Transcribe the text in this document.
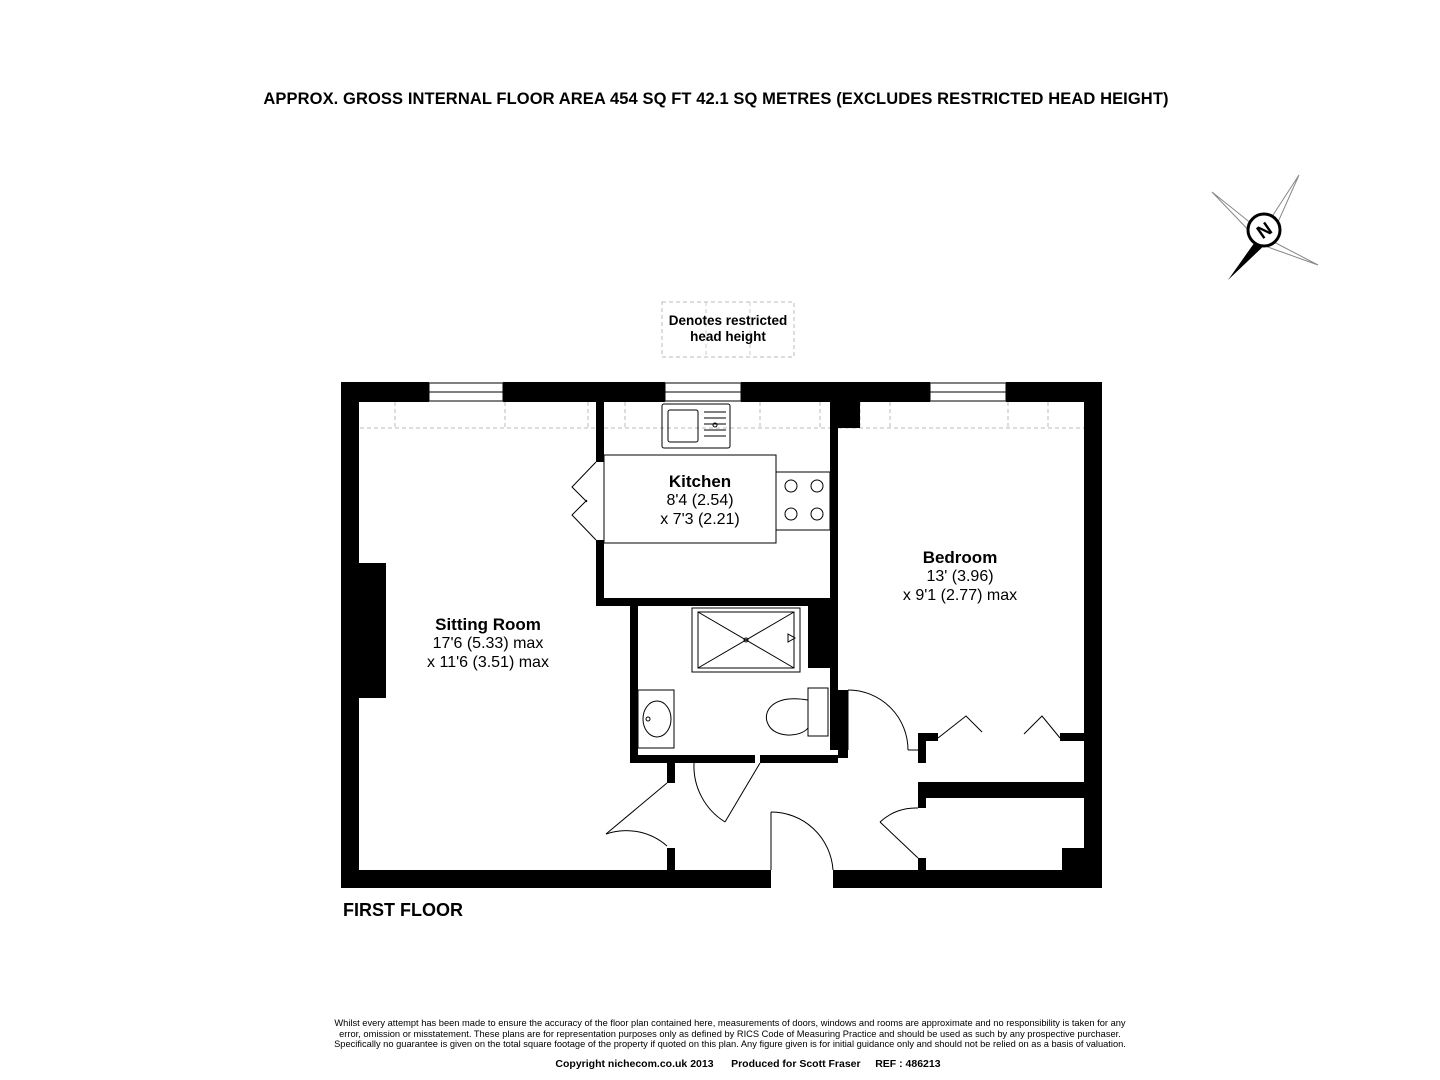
APPROX. GROSS INTERNAL FLOOR AREA 454 SQ FT 42.1 SQ METRES (EXCLUDES RESTRICTED HEAD HEIGHT)
N
Denotes restricted
head height
Kitchen
8'4 (2.54)
x 7'3 (2.21)
Bedroom
13' (3.96)
x 9'1 (2.77) max
Sitting Room
17'6 (5.33) max
x 11'6 (3.51) max
FIRST FLOOR
Whilst every attempt has been made to ensure the accuracy of the floor plan contained here, measurements of doors, windows and rooms are approximate and no responsibility is taken for any
error, omission or misstatement. These plans are for representation purposes only as defined by RICS Code of Measuring Practice and should be used as such by any prospective purchaser.
Specifically no guarantee is given on the total square footage of the property if quoted on this plan. Any figure given is for initial guidance only and should not be relied on as a basis of valuation.
Copyright nichecom.co.uk 2013 Produced for Scott Fraser REF : 486213
